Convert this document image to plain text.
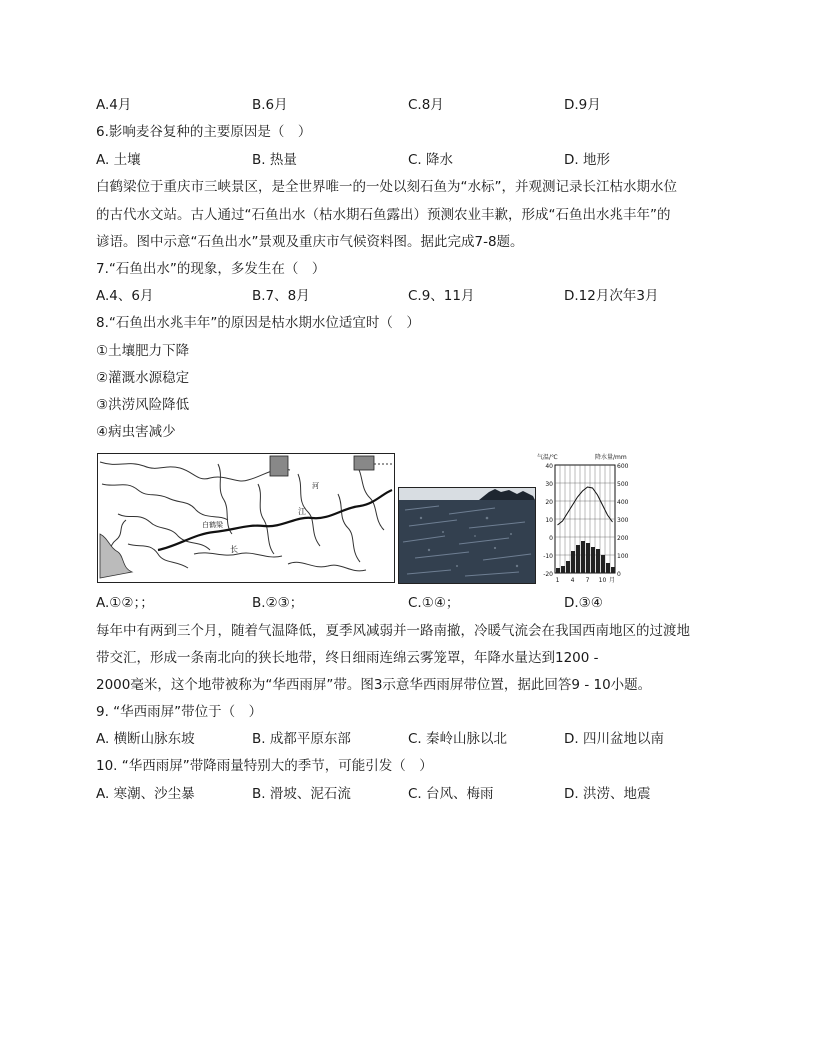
A.4月	B.6月	C.8月	D.9月
6.影响麦谷复种的主要原因是（　）
A. 土壤	B. 热量	C. 降水	D. 地形
白鹤梁位于重庆市三峡景区，是全世界唯一的一处以刻石鱼为“水标”，并观测记录长江枯水期水位
的古代水文站。古人通过“石鱼出水（枯水期石鱼露出）预测农业丰歉，形成“石鱼出水兆丰年”的
谚语。图中示意“石鱼出水”景观及重庆市气候资料图。据此完成7-8题。
7.“石鱼出水”的现象，多发生在（　）
A.4、6月	B.7、8月	C.9、11月	D.12月次年3月
8.“石鱼出水兆丰年”的原因是枯水期水位适宜时（　）
①土壤肥力下降
②灌溉水源稳定
③洪涝风险降低
④病虫害减少
白鹤梁
长
江
河
气温/℃	降水量/mm
40
30
20
10
0
-10
-20
600
500
400
300
200
100
0
1 4 7 10 月
A.①②；；	B.②③；	C.①④；	D.③④
每年中有两到三个月，随着气温降低，夏季风减弱并一路南撤，冷暖气流会在我国西南地区的过渡地
带交汇，形成一条南北向的狭长地带，终日细雨连绵云雾笼罩，年降水量达到1200 -
2000毫米，这个地带被称为“华西雨屏”带。图3示意华西雨屏带位置，据此回答9 - 10小题。
9. “华西雨屏”带位于（　）
A. 横断山脉东坡	B. 成都平原东部	C. 秦岭山脉以北	D. 四川盆地以南
10. “华西雨屏”带降雨量特别大的季节，可能引发（　）
A. 寒潮、沙尘暴	B. 滑坡、泥石流	C. 台风、梅雨	D. 洪涝、地震
